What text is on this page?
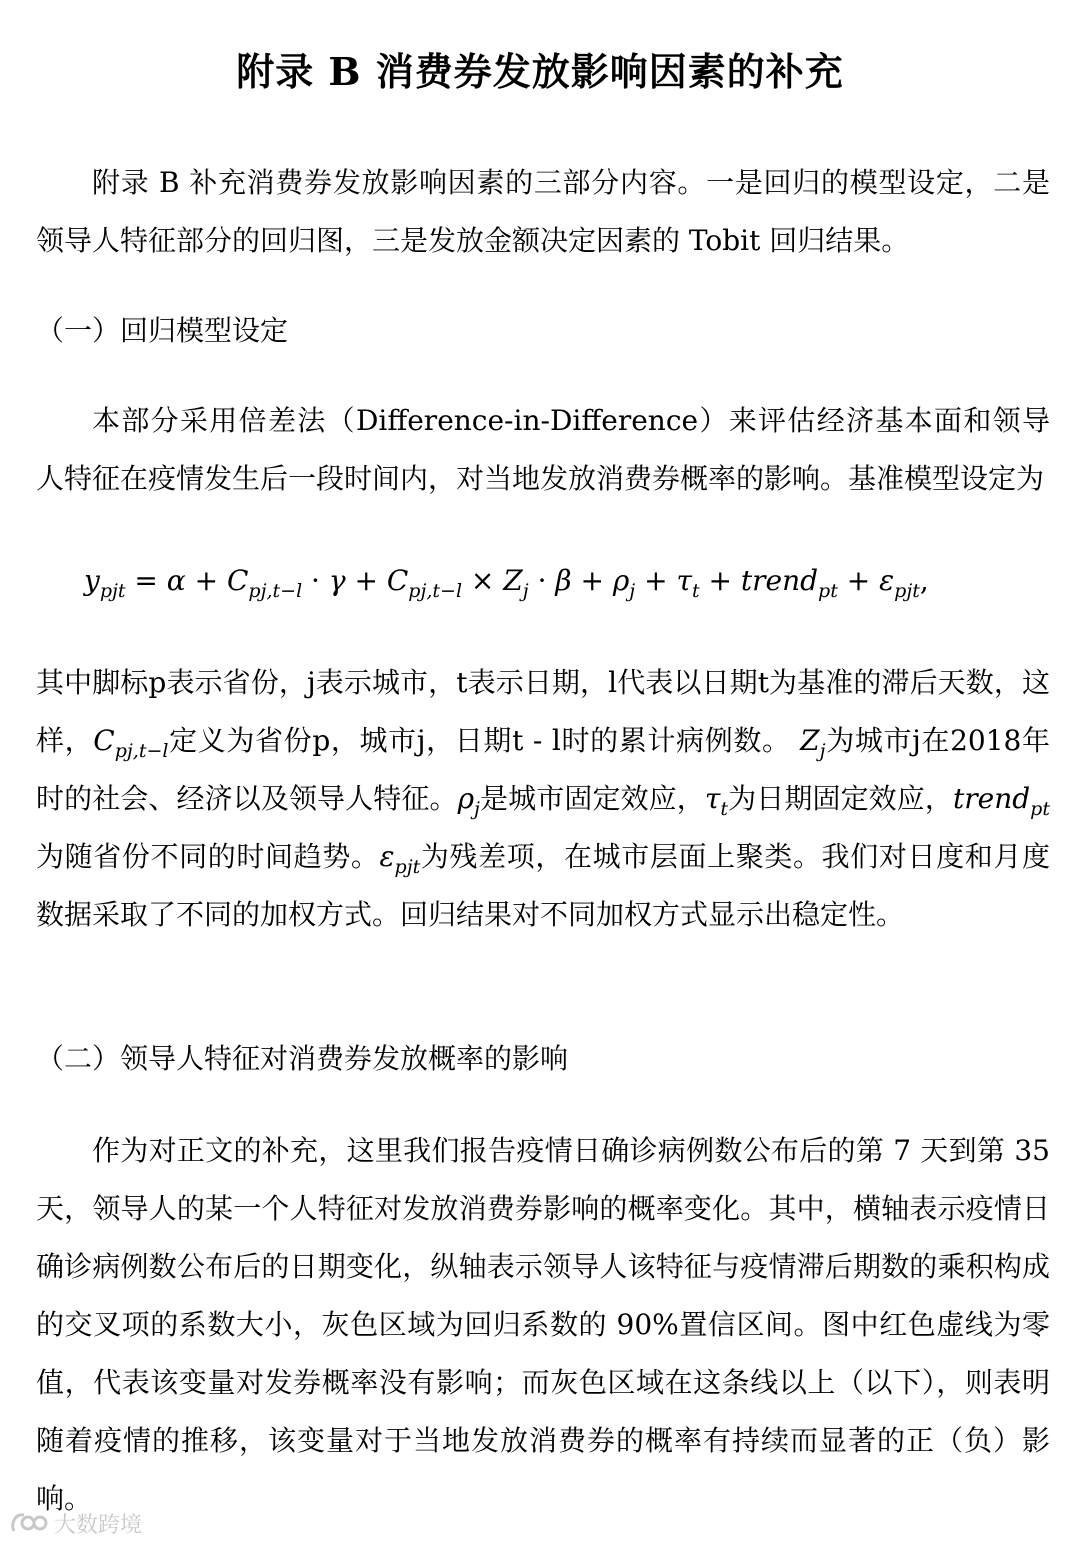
附录 B 消费券发放影响因素的补充
附录 B 补充消费券发放影响因素的三部分内容。一是回归的模型设定，二是领导人特征部分的回归图，三是发放金额决定因素的 Tobit 回归结果。
（一）回归模型设定
本部分采用倍差法（Difference-in-Difference）来评估经济基本面和领导人特征在疫情发生后一段时间内，对当地发放消费券概率的影响。基准模型设定为
$y_{pjt} = \alpha + C_{pj,t-l} \cdot \gamma + C_{pj,t-l} \times Z_j \cdot \beta + \rho_j + \tau_t$ + trend$_{pt}$ + $\varepsilon_{pjt}$,
其中脚标p表示省份，j表示城市，t表示日期，l代表以日期t为基准的滞后天数，这样，$C_{pj,t-l}$定义为省份p，城市j，日期t - l时的累计病例数。 $Z_j$为城市j在2018年时的社会、经济以及领导人特征。$\rho_j$是城市固定效应，$\tau_t$为日期固定效应，trend$_{pt}$为随省份不同的时间趋势。$\varepsilon_{pjt}$为残差项，在城市层面上聚类。我们对日度和月度数据采取了不同的加权方式。回归结果对不同加权方式显示出稳定性。
（二）领导人特征对消费券发放概率的影响
作为对正文的补充，这里我们报告疫情日确诊病例数公布后的第 7 天到第 35 天，领导人的某一个人特征对发放消费券影响的概率变化。其中，横轴表示疫情日确诊病例数公布后的日期变化，纵轴表示领导人该特征与疫情滞后期数的乘积构成的交叉项的系数大小，灰色区域为回归系数的 90%置信区间。图中红色虚线为零值，代表该变量对发券概率没有影响；而灰色区域在这条线以上（以下），则表明随着疫情的推移，该变量对于当地发放消费券的概率有持续而显著的正（负）影响。
大数跨境
